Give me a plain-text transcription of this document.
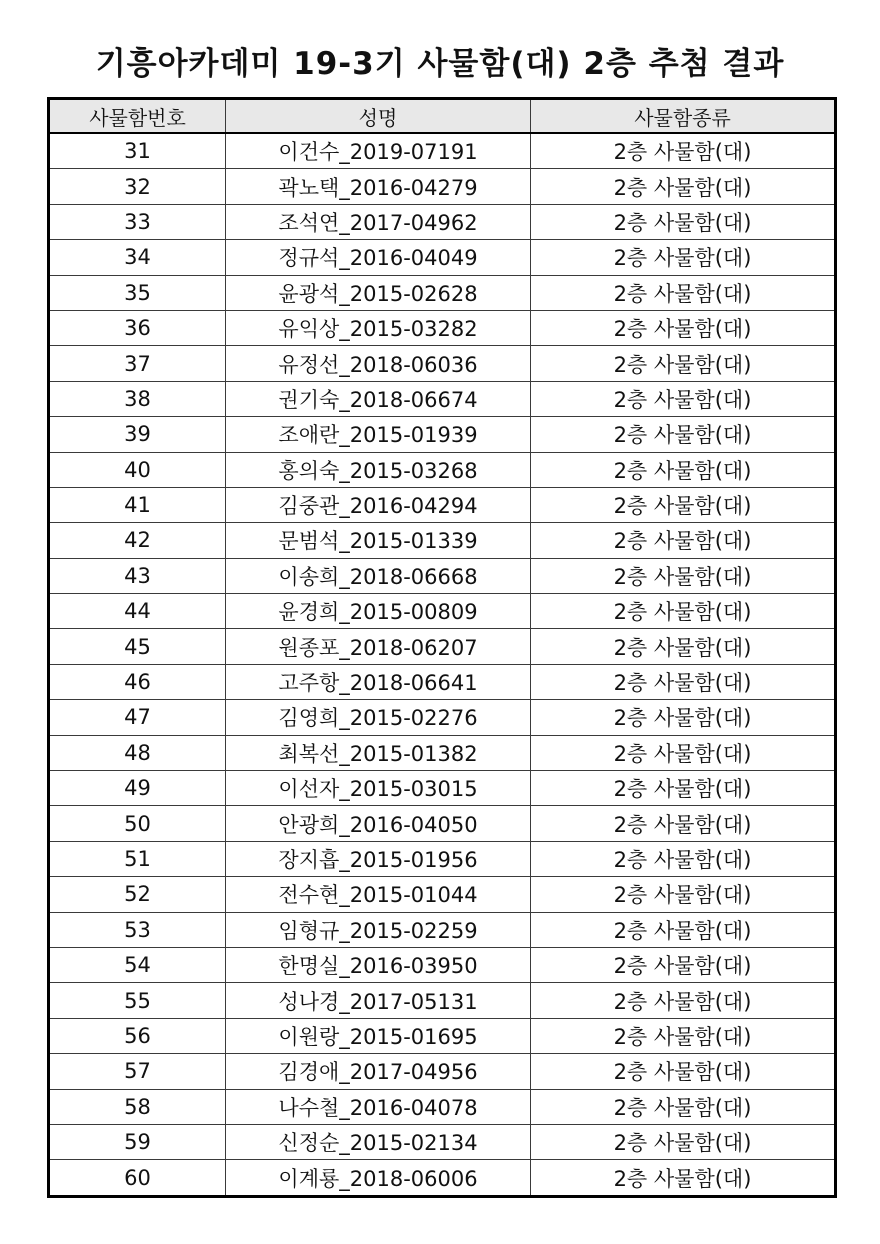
기흥아카데미 19-3기 사물함(대) 2층 추첨 결과
사물함번호	성명	사물함종류
31	이건수_2019-07191	2층 사물함(대)
32	곽노택_2016-04279	2층 사물함(대)
33	조석연_2017-04962	2층 사물함(대)
34	정규석_2016-04049	2층 사물함(대)
35	윤광석_2015-02628	2층 사물함(대)
36	유익상_2015-03282	2층 사물함(대)
37	유정선_2018-06036	2층 사물함(대)
38	권기숙_2018-06674	2층 사물함(대)
39	조애란_2015-01939	2층 사물함(대)
40	홍의숙_2015-03268	2층 사물함(대)
41	김중관_2016-04294	2층 사물함(대)
42	문범석_2015-01339	2층 사물함(대)
43	이송희_2018-06668	2층 사물함(대)
44	윤경희_2015-00809	2층 사물함(대)
45	원종포_2018-06207	2층 사물함(대)
46	고주항_2018-06641	2층 사물함(대)
47	김영희_2015-02276	2층 사물함(대)
48	최복선_2015-01382	2층 사물함(대)
49	이선자_2015-03015	2층 사물함(대)
50	안광희_2016-04050	2층 사물함(대)
51	장지흡_2015-01956	2층 사물함(대)
52	전수현_2015-01044	2층 사물함(대)
53	임형규_2015-02259	2층 사물함(대)
54	한명실_2016-03950	2층 사물함(대)
55	성나경_2017-05131	2층 사물함(대)
56	이원랑_2015-01695	2층 사물함(대)
57	김경애_2017-04956	2층 사물함(대)
58	나수철_2016-04078	2층 사물함(대)
59	신정순_2015-02134	2층 사물함(대)
60	이계룡_2018-06006	2층 사물함(대)
